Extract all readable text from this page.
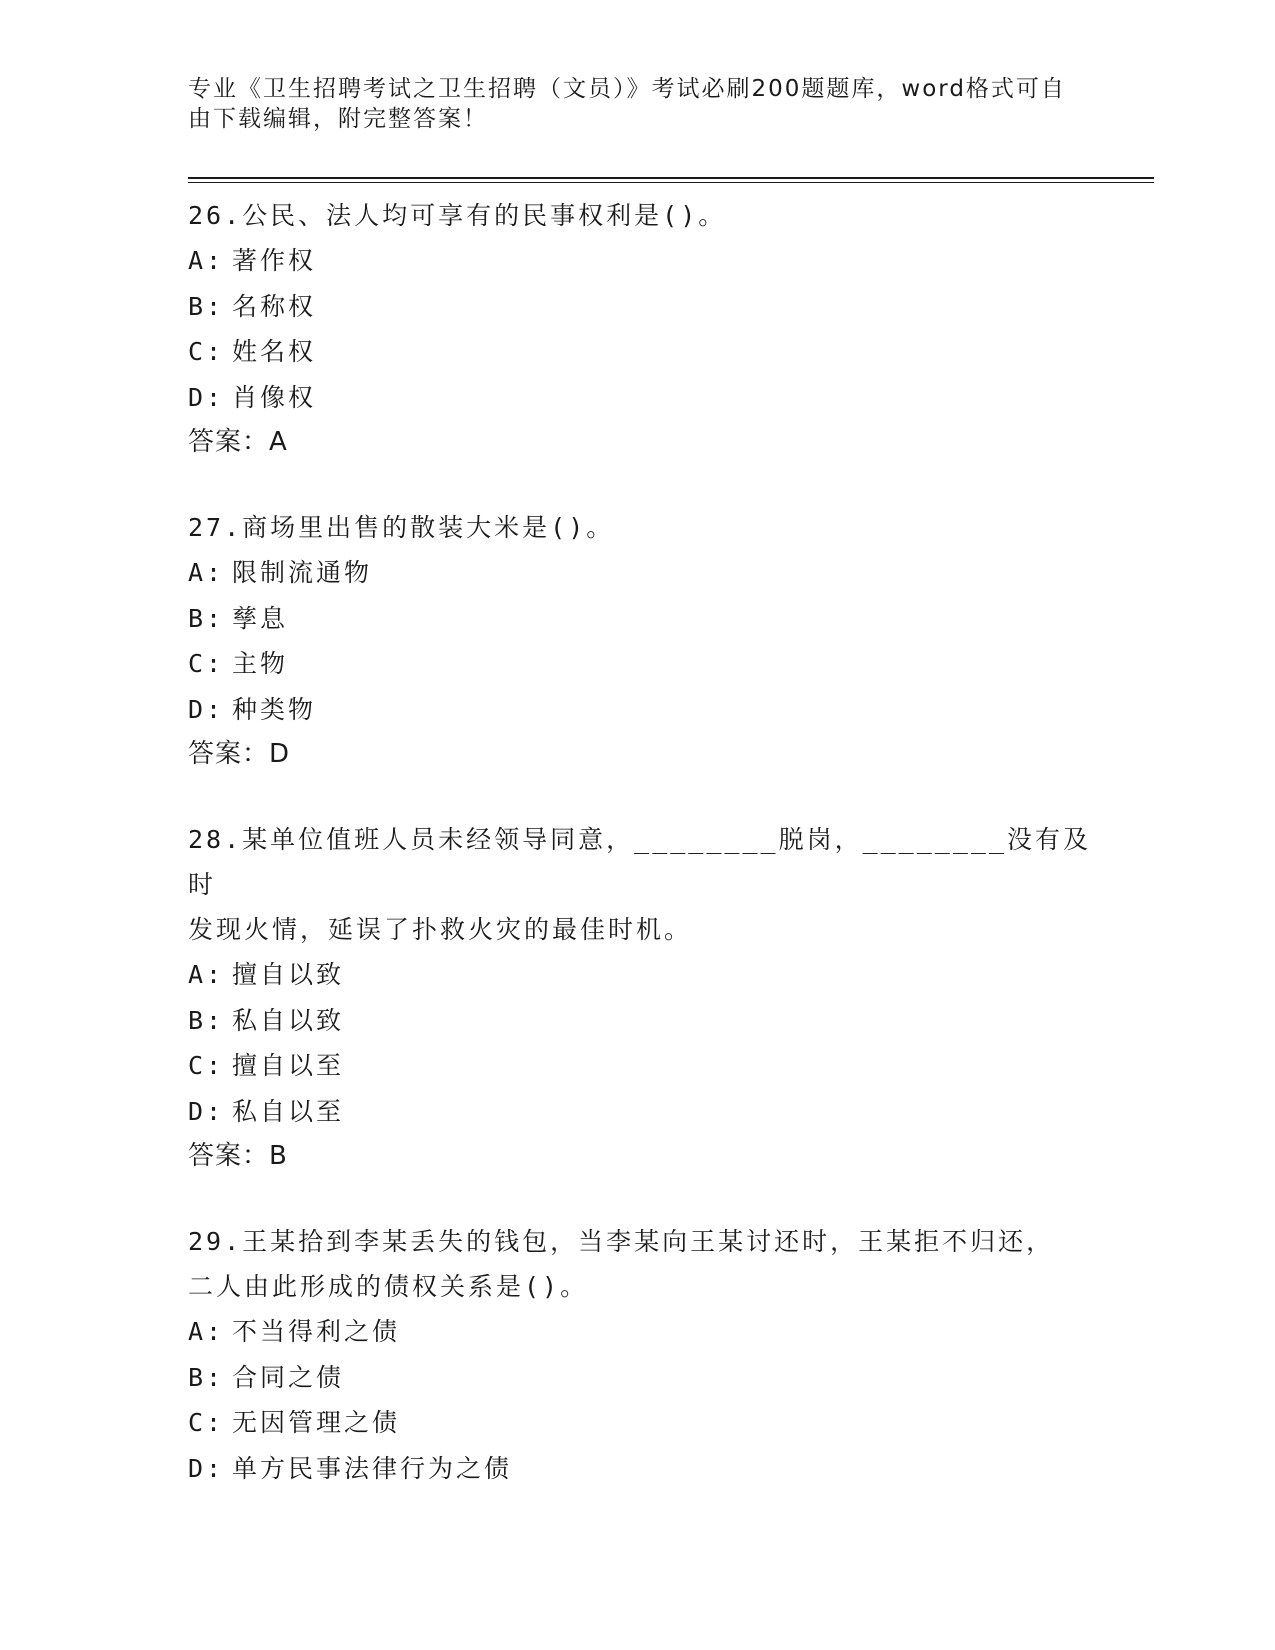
专业《卫生招聘考试之卫生招聘（文员）》考试必刷200题题库，word格式可自
由下载编辑，附完整答案！
26.公民、法人均可享有的民事权利是()。
A: 著作权
B: 名称权
C: 姓名权
D: 肖像权
答案：A
27.商场里出售的散装大米是()。
A: 限制流通物
B: 孳息
C: 主物
D: 种类物
答案：D
28.某单位值班人员未经领导同意，________脱岗，________没有及时
发现火情，延误了扑救火灾的最佳时机。
A: 擅自以致
B: 私自以致
C: 擅自以至
D: 私自以至
答案：B
29.王某拾到李某丢失的钱包，当李某向王某讨还时，王某拒不归还，
二人由此形成的债权关系是()。
A: 不当得利之债
B: 合同之债
C: 无因管理之债
D: 单方民事法律行为之债
